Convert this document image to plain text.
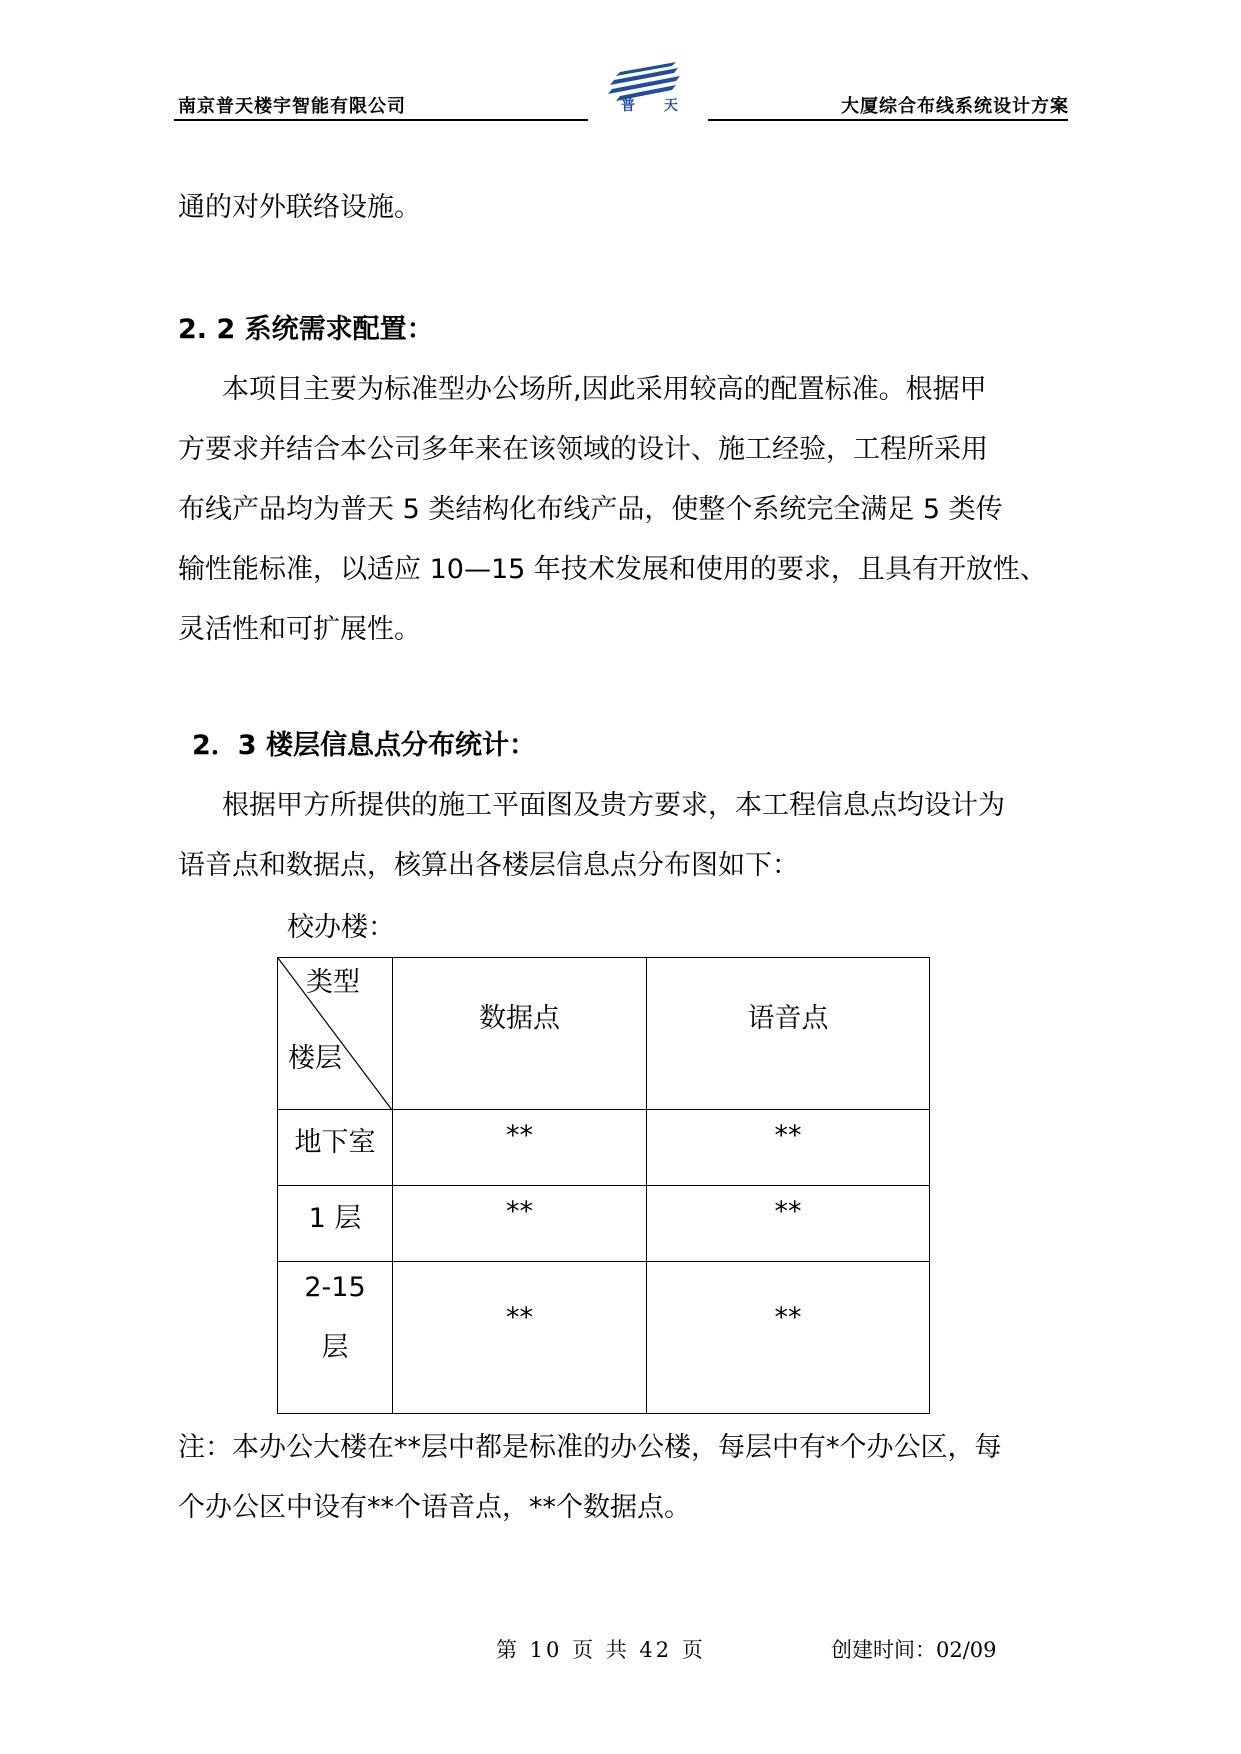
南京普天楼宇智能有限公司	普 天	大厦综合布线系统设计方案
通的对外联络设施。
2. 2 系统需求配置：
本项目主要为标准型办公场所,因此采用较高的配置标准。根据甲
方要求并结合本公司多年来在该领域的设计、施工经验，工程所采用
布线产品均为普天 5 类结构化布线产品，使整个系统完全满足 5 类传
输性能标准，以适应 10—15 年技术发展和使用的要求，且具有开放性、
灵活性和可扩展性。
2．3 楼层信息点分布统计：
根据甲方所提供的施工平面图及贵方要求，本工程信息点均设计为
语音点和数据点，核算出各楼层信息点分布图如下：
校办楼：
类型
楼层	数据点	语音点

地下室	**	**

1 层	**	**

2-15
层	**	**
注：本办公大楼在**层中都是标准的办公楼，每层中有*个办公区，每
个办公区中设有**个语音点，**个数据点。
第 10 页 共 42 页	创建时间：02/09
